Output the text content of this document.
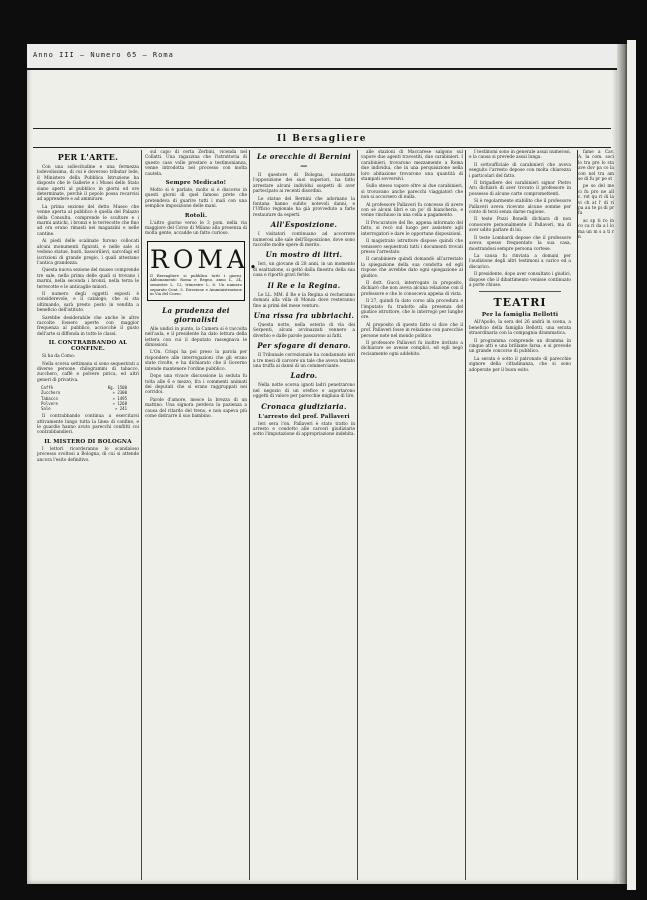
Anno III — Numero 65 — Roma
Il Bersagliere
PER L'ARTE.

Con una sollecitudine e una fermezza lodevolissima, di cui è doveroso tributar lode, il Ministero della Pubblica Istruzione ha disposto che le Gallerie e i Musei dello Stato siano aperti al pubblico in giorni ed ore determinate, perchè il popolo possa recarvisi ad apprendere e ad ammirare.

La prima sezione del detto Museo che venne aperta al pubblico è quella del Palazzo della Consulta, comprende le sculture e i marmi antichi, i bronzi e le terrecotte che fino ad ora erano rimasti nei magazzini e nelle cantine.

Ai piedi delle scalinate furono collocati alcuni monumenti figurati, e nelle sale si vedono statue, busti, bassorilievi, sarcofagi ed iscrizioni di grande pregio, i quali attestano l'antica grandezza.

Questa nuova sezione del museo comprende tre sale, nella prima delle quali si trovano i marmi, nella seconda i bronzi, nella terza le terrecotte e le anticaglie minori.

Il numero degli oggetti esposti è considerevole, e il catalogo, che si sta ultimando, sarà presto posto in vendita a beneficio dell'istituto.

Sarebbe desiderabile che anche le altre raccolte fossero aperte con maggior frequenza al pubblico, acciocchè il gusto dell'arte si diffonda in tutte le classi.

IL CONTRABBANDO AL CONFINE.

Si ha da Como:

Nella scorsa settimana si sono sequestrati a diverse persone chilogrammi di tabacco, zucchero, caffè e polvere pirica, ed altri generi di privativa.

Caffè	Kg. 1500
Zucchero	» 2300
Tabacco	» 1495
Polvere	» 1268
Sale	» 241

Il contrabbando continua a esercitarsi attivamente lungo tutta la linea di confine, e le guardie hanno avuto parecchi conflitti coi contrabbandieri.

IL MISTERO DI BOLOGNA

I lettori ricorderanno lo scandaloso processo svoltosi a Bologna, di cui si attende ancora l'esito definitivo.

sul capo di certa Zerbini, vicenda nel Collatti. Una ragazzina che l'istruttoria di questo caso volle prestare a testimonianza, venne introdotta nel processo con molta cautela.

Sempre Medicato!

Molto si è parlato, molto si è discorso in questi giorni di quel famoso prete che pretendeva di guarire tutti i mali con una semplice imposizione delle mani.

Rotoli.

L'altro giorno verso le 3 pom. nella via maggiore del Corso di Milano alla presenza di molta gente, accadde un fatto curioso.

ROMA.
Il Bersagliere si pubblica tutti i giorni. Abbonamenti: Roma e Regno, anno L. 24, semestre L. 12, trimestre L. 6. Un numero separato Cent. 5. Direzione e Amministrazione in Via del Corso.
La prudenza dei giornalisti

Alle undici in punto, la Camera si è raccolta nell'aula, e il presidente ha dato lettura della lettera con cui il deputato rassegnava le dimissioni.

L'On. Crispi ha poi preso la parola per rispondere alle interrogazioni che gli erano state rivolte, e ha dichiarato che il Governo intende mantenere l'ordine pubblico.

Dopo una vivace discussione la seduta fu tolta alle 6 e mezzo, fra i commenti animati dei deputati che si erano raggruppati nei corridoi.

Parole d'amore, mesce la brezza di un mattino. Una signora perdeva la pazienza a causa del ritardo del treno, e non sapeva più come distrarre il suo bambino.

Le orecchie di Bernini —

Il questore di Bologna, nonostante l'opposizione dei suoi superiori, ha fatto arrestare alcuni individui sospetti di aver partecipato ai recenti disordini.

Le statue del Bernini che adornano la fontana hanno subito notevoli danni, e l'Ufficio regionale ha già provveduto a farle restaurare da esperti.

All'Esposizione.

I visitatori continuano ad accorrere numerosi alle sale dell'Esposizione, dove sono raccolte molte opere di merito.

Un mostro di litri.

Ieri, un giovane di 28 anni, in un momento di esaltazione, si gettò dalla finestra della sua casa e riportò gravi ferite.

Il Re e la Regina.

Le LL. MM. il Re e la Regina si recheranno domani alla villa di Monza dove resteranno fino ai primi del mese venturo.

Una rissa fra ubbriachi.

Questa notte, nella osteria di via dei Serpenti, alcuni avvinazzati vennero a diverbio e dalle parole passarono ai fatti.

Per sfogare di denaro.

Il Tribunale correzionale ha condannato ieri a tre mesi di carcere un tale che aveva tentato una truffa ai danni di un commerciante.

Ladro.

Nella notte scorsa ignoti ladri penetrarono nel negozio di un orefice e asportarono oggetti di valore per parecchie migliaia di lire.

Cronaca giudiziaria.
L'arresto del prof. Pallaveri

Ieri sera l'on. Pallaveri è stato tratto in arresto e condotto alle carceri giudiziarie sotto l'imputazione di appropriazione indebita.

alle stazioni di Maccarese salgono sul vapore due agenti travestiti, due carabinieri. I carabinieri, trovarono mezzamente a Roma due individui, che in una perquisizione nella loro abitazione trovarono una quantità di stampati sovversivi.

Sullo stesso vapore oltre ai due carabinieri, si trovavano anche parecchi viaggiatori che non si accorsero di nulla.

Al professore Pallaveri fu concesso di avere con sè alcuni libri e un po' di biancheria, e venne rinchiuso in una cella a pagamento.

Il Procuratore del Re, appena informato del fatto, si recò sul luogo per assistere agli interrogatori e dare le opportune disposizioni.

Il magistrato istruttore dispose quindi che venissero sequestrati tutti i documenti trovati presso l'arrestato.

Il carabiniere quindi domandò all'arrestato la spiegazione della sua condotta ed egli rispose che avrebbe dato ogni spiegazione al giudice.

Il dott. Gucci, interrogato in proposito, dichiarò che non aveva alcuna relazione con il professore e che lo conosceva appena di vista.

Il 27, quindi fu dato corso alla procedura e l'imputato fu tradotto alla presenza del giudice istruttore, che lo interrogò per lunghe ore.

Al proposito di questo fatto si dice che il prof. Pallaveri fosse in relazione con parecchie persone note nel mondo politico.

Il professore Pallaveri fu inoltre invitato a dichiarare se avesse complici, ed egli negò recisamente ogni addebito.

I testimoni sono in generale assai numerosi, e la causa si prevede assai lunga.

Il sottoufficiale di carabinieri che aveva eseguito l'arresto depose con molta chiarezza i particolari del fatto.

Il brigadiere dei carabinieri signor Pietro Aru dichiarò di aver trovato il professore in possesso di alcune carte compromettenti.

Si è regolarmente stabilito che il professore Pallaveri aveva ricevuto alcune somme per conto di terzi senza darne ragione.

Il teste Pozzi Bonelli dichiara di non conoscere personalmente il Pallaveri, ma di aver udito parlare di lui.

Il teste Lombardi depose che il professore aveva spesso frequentato la sua casa, mostrandosi sempre persona cortese.

La causa fu rinviata a domani per l'audizione degli altri testimoni a carico ed a discarico.

Il presidente, dopo aver consultato i giudici, dispose che il dibattimento venisse continuato a porte chiuse.

TEATRI
Per la famiglia Bellotti

All'Apollo, la sera del 26 andrà in scena, a beneficio della famiglia Bellotti, una serata straordinaria con la compagnia drammatica.

Il programma comprende un dramma in cinque atti e una brillante farsa, e si prevede un grande concorso di pubblico.

La serata è sotto il patronato di parecchie signore della cittadinanza, che si sono adoperate per il buon esito.

fame a Cav. A. la com. soci lo tra pre lo sta ave dov pa co la con nel tra am se di fu pr pe st

pe so del me ci fu pro ne all c. rot qu ri di la vi ch at l' di ri pa au te pi di pr fu

ac sp ti ro in co ca ri da a l lo ma un m s a ti r n
